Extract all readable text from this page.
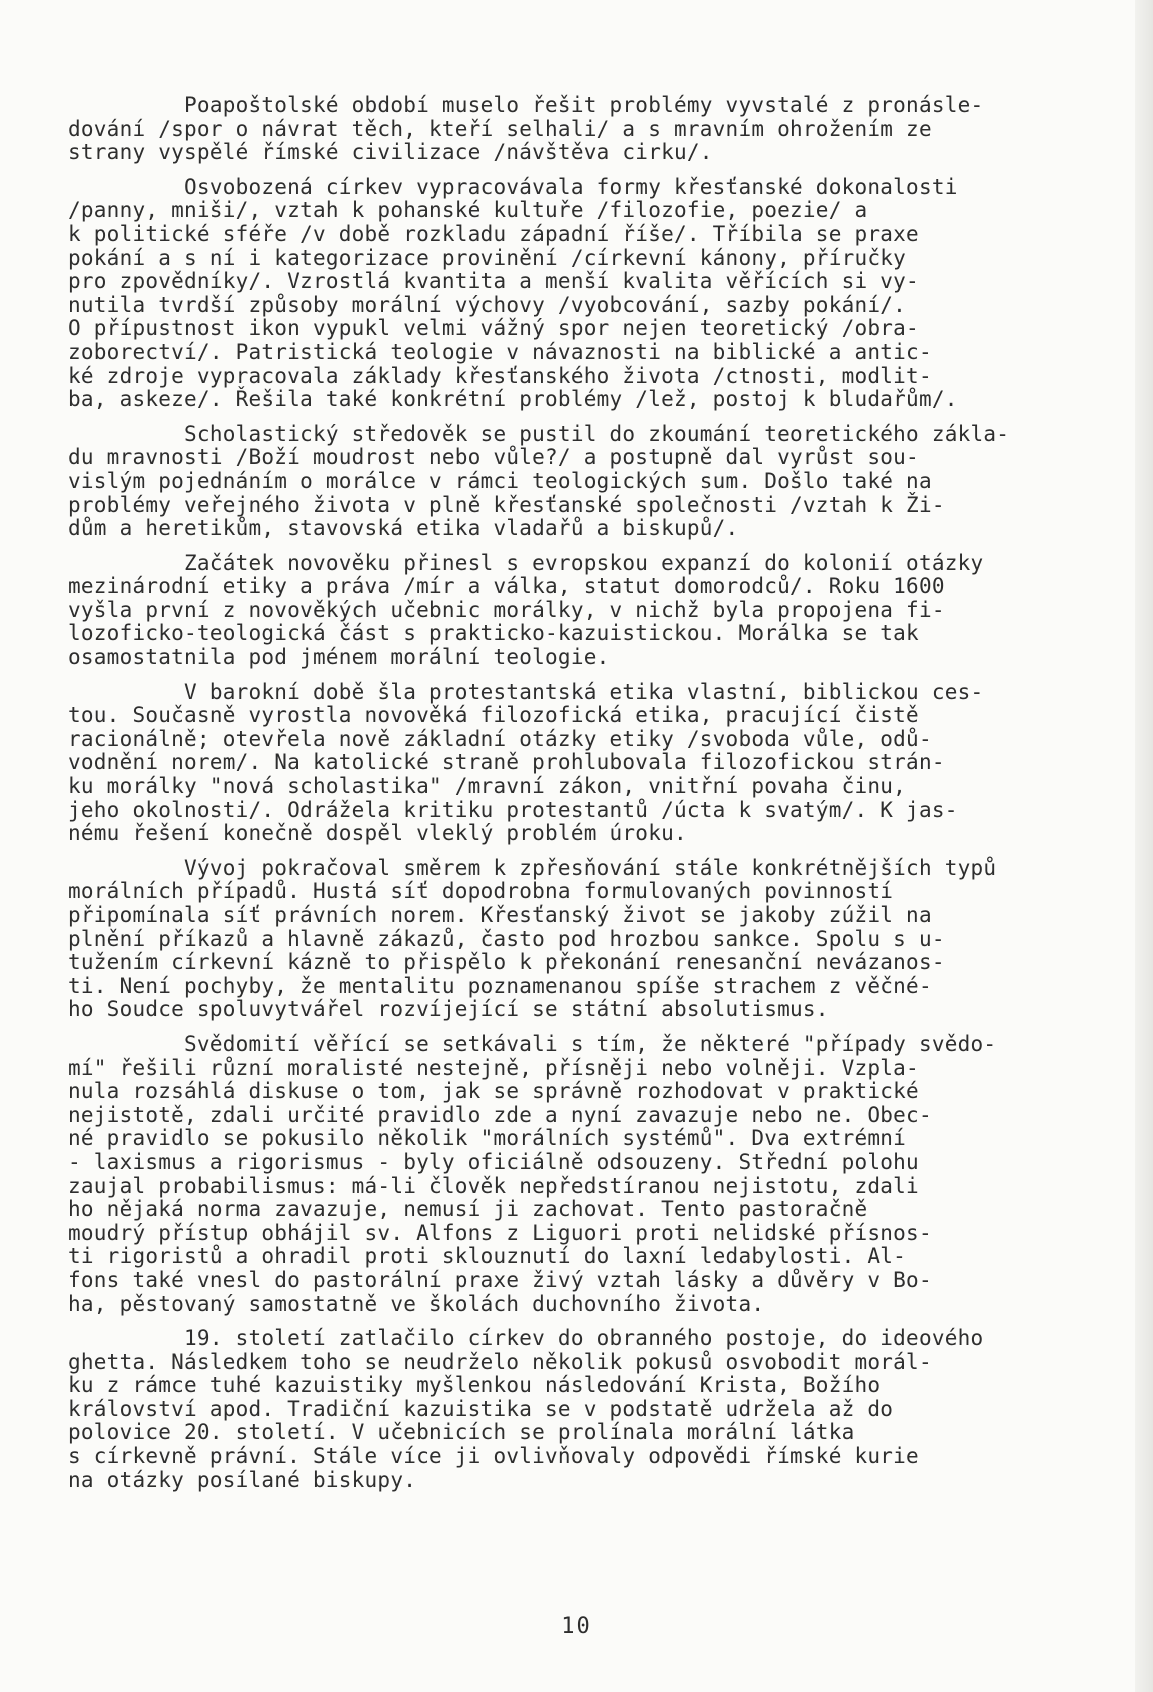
Poapoštolské období muselo řešit problémy vyvstalé z pronásle-
dování /spor o návrat těch, kteří selhali/ a s mravním ohrožením ze
strany vyspělé římské civilizace /návštěva cirku/.

Osvobozená církev vypracovávala formy křesťanské dokonalosti
/panny, mniši/, vztah k pohanské kultuře /filozofie, poezie/ a
k politické sféře /v době rozkladu západní říše/. Tříbila se praxe
pokání a s ní i kategorizace provinění /církevní kánony, příručky
pro zpovědníky/. Vzrostlá kvantita a menší kvalita věřících si vy-
nutila tvrdší způsoby morální výchovy /vyobcování, sazby pokání/.
O přípustnost ikon vypukl velmi vážný spor nejen teoretický /obra-
zoborectví/. Patristická teologie v návaznosti na biblické a antic-
ké zdroje vypracovala základy křesťanského života /ctnosti, modlit-
ba, askeze/. Řešila také konkrétní problémy /lež, postoj k bludařům/.

Scholastický středověk se pustil do zkoumání teoretického zákla-
du mravnosti /Boží moudrost nebo vůle?/ a postupně dal vyrůst sou-
vislým pojednáním o morálce v rámci teologických sum. Došlo také na
problémy veřejného života v plně křesťanské společnosti /vztah k Ži-
dům a heretikům, stavovská etika vladařů a biskupů/.

Začátek novověku přinesl s evropskou expanzí do kolonií otázky
mezinárodní etiky a práva /mír a válka, statut domorodců/. Roku 1600
vyšla první z novověkých učebnic morálky, v nichž byla propojena fi-
lozoficko-teologická část s prakticko-kazuistickou. Morálka se tak
osamostatnila pod jménem morální teologie.

V barokní době šla protestantská etika vlastní, biblickou ces-
tou. Současně vyrostla novověká filozofická etika, pracující čistě
racionálně; otevřela nově základní otázky etiky /svoboda vůle, odů-
vodnění norem/. Na katolické straně prohlubovala filozofickou strán-
ku morálky "nová scholastika" /mravní zákon, vnitřní povaha činu,
jeho okolnosti/. Odrážela kritiku protestantů /úcta k svatým/. K jas-
nému řešení konečně dospěl vleklý problém úroku.

Vývoj pokračoval směrem k zpřesňování stále konkrétnějších typů
morálních případů. Hustá síť dopodrobna formulovaných povinností
připomínala síť právních norem. Křesťanský život se jakoby zúžil na
plnění příkazů a hlavně zákazů, často pod hrozbou sankce. Spolu s u-
tužením církevní kázně to přispělo k překonání renesanční nevázanos-
ti. Není pochyby, že mentalitu poznamenanou spíše strachem z věčné-
ho Soudce spoluvytvářel rozvíjející se státní absolutismus.

Svědomití věřící se setkávali s tím, že některé "případy svědo-
mí" řešili různí moralisté nestejně, přísněji nebo volněji. Vzpla-
nula rozsáhlá diskuse o tom, jak se správně rozhodovat v praktické
nejistotě, zdali určité pravidlo zde a nyní zavazuje nebo ne. Obec-
né pravidlo se pokusilo několik "morálních systémů". Dva extrémní
- laxismus a rigorismus - byly oficiálně odsouzeny. Střední polohu
zaujal probabilismus: má-li člověk nepředstíranou nejistotu, zdali
ho nějaká norma zavazuje, nemusí ji zachovat. Tento pastoračně
moudrý přístup obhájil sv. Alfons z Liguori proti nelidské přísnos-
ti rigoristů a ohradil proti sklouznutí do laxní ledabylosti. Al-
fons také vnesl do pastorální praxe živý vztah lásky a důvěry v Bo-
ha, pěstovaný samostatně ve školách duchovního života.

19. století zatlačilo církev do obranného postoje, do ideového
ghetta. Následkem toho se neudrželo několik pokusů osvobodit morál-
ku z rámce tuhé kazuistiky myšlenkou následování Krista, Božího
království apod. Tradiční kazuistika se v podstatě udržela až do
polovice 20. století. V učebnicích se prolínala morální látka
s církevně právní. Stále více ji ovlivňovaly odpovědi římské kurie
na otázky posílané biskupy.

10
